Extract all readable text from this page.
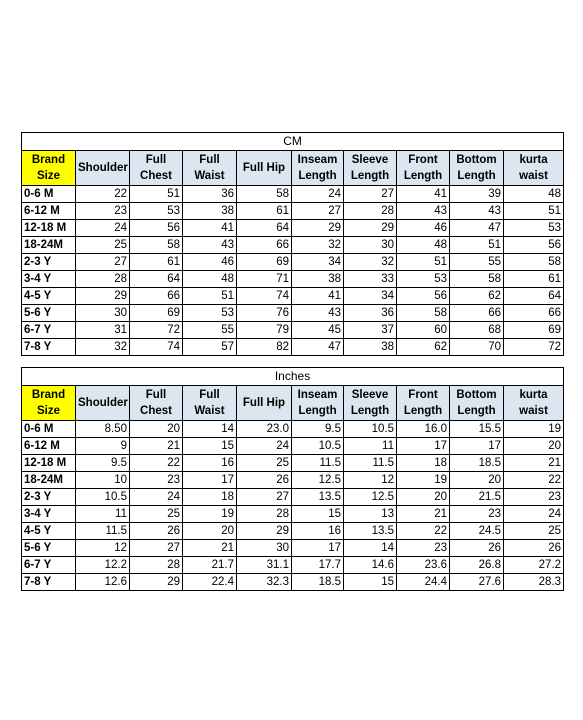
CM									
Brand Size	Shoulder	Full Chest	Full Waist	Full Hip	Inseam Length	Sleeve Length	Front Length	Bottom Length	kurta waist
0-6 M	22	51	36	58	24	27	41	39	48
6-12 M	23	53	38	61	27	28	43	43	51
12-18 M	24	56	41	64	29	29	46	47	53
18-24M	25	58	43	66	32	30	48	51	56
2-3 Y	27	61	46	69	34	32	51	55	58
3-4 Y	28	64	48	71	38	33	53	58	61
4-5 Y	29	66	51	74	41	34	56	62	64
5-6 Y	30	69	53	76	43	36	58	66	66
6-7 Y	31	72	55	79	45	37	60	68	69
7-8 Y	32	74	57	82	47	38	62	70	72
Inches									
Brand Size	Shoulder	Full Chest	Full Waist	Full Hip	Inseam Length	Sleeve Length	Front Length	Bottom Length	kurta waist
0-6 M	8.50	20	14	23.0	9.5	10.5	16.0	15.5	19
6-12 M	9	21	15	24	10.5	11	17	17	20
12-18 M	9.5	22	16	25	11.5	11.5	18	18.5	21
18-24M	10	23	17	26	12.5	12	19	20	22
2-3 Y	10.5	24	18	27	13.5	12.5	20	21.5	23
3-4 Y	11	25	19	28	15	13	21	23	24
4-5 Y	11.5	26	20	29	16	13.5	22	24.5	25
5-6 Y	12	27	21	30	17	14	23	26	26
6-7 Y	12.2	28	21.7	31.1	17.7	14.6	23.6	26.8	27.2
7-8 Y	12.6	29	22.4	32.3	18.5	15	24.4	27.6	28.3
